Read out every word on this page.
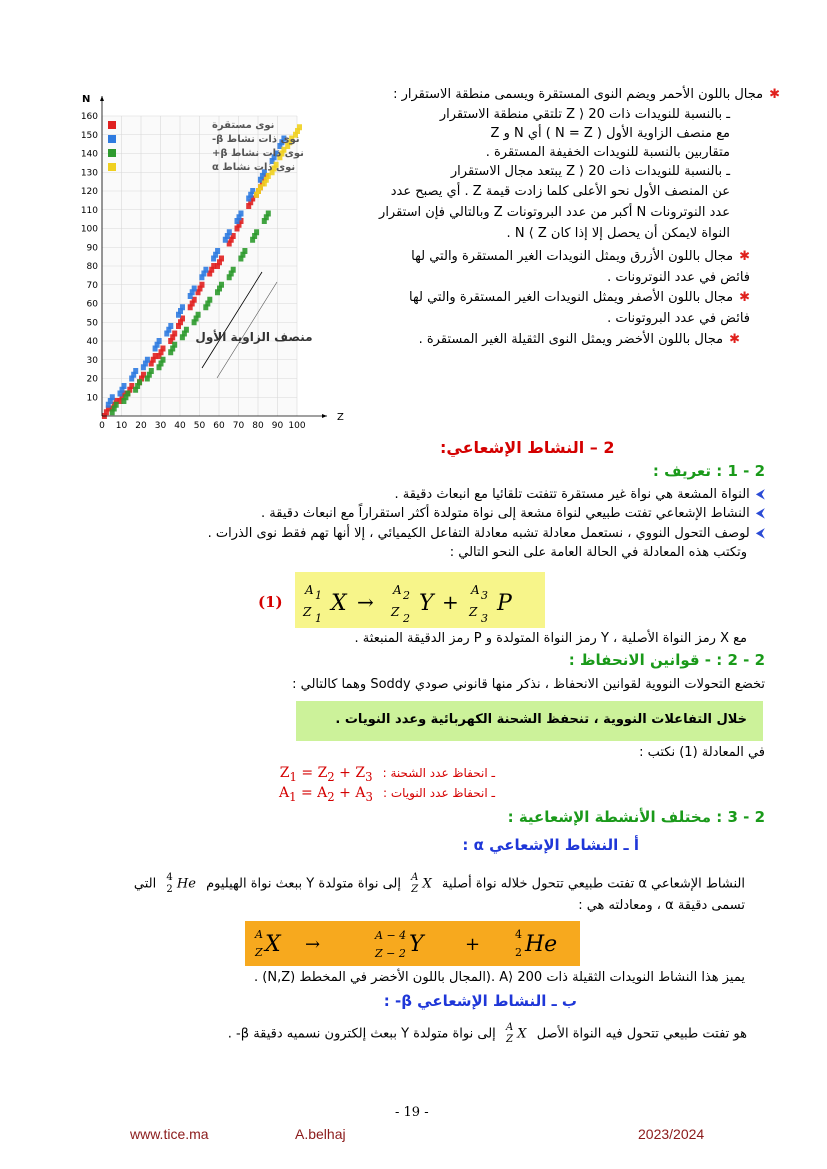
Z
N
0 10 20 30 40 50 60 70 80 90 100
10
20
30
40
50
60
70
80
90
100
110
120
130
140
150
160
نوى مستقرة
نوى ذات نشاط β-
نوى ذات نشاط β+
نوى ذات نشاط α
منصف الزاوية الأول
✱مجال باللون الأحمر ويضم النوى المستقرة ويسمى منطقة الاستقرار :
ـ بالنسبة للنويدات ذات 20 ⟨ Z تلتقي منطقة الاستقرار
مع منصف الزاوية الأول ( N = Z ) أي N و Z
متقاربين بالنسبة للنويدات الخفيفة المستقرة .
ـ بالنسبة للنويدات ذات 20 ⟨ Z يبتعد مجال الاستقرار
عن المنصف الأول نحو الأعلى كلما زادت قيمة Z . أي يصبح عدد
عدد النوترونات N أكبر من عدد البروتونات Z وبالتالي فإن استقرار
النواة لايمكن أن يحصل إلا إذا كان N ⟨ Z .
✱مجال باللون الأزرق ويمثل النويدات الغير المستقرة والتي لها
فائض في عدد النوترونات .
✱مجال باللون الأصفر ويمثل النويدات الغير المستقرة والتي لها
فائض في عدد البروتونات .
✱مجال باللون الأخضر ويمثل النوى الثقيلة الغير المستقرة .
2 – النشاط الإشعاعي:
2 - 1 : تعريف :
⮜النواة المشعة هي نواة غير مستقرة تتفتت تلقائيا مع انبعاث دقيقة .
⮜النشاط الإشعاعي تفتت طبيعي لنواة مشعة إلى نواة متولدة أكثر استقراراً مع انبعاث دقيقة .
⮜لوصف التحول النووي ، نستعمل معادلة تشبه معادلة التفاعل الكيميائي ، إلا أنها تهم فقط نوى الذرات .
وتكتب هذه المعادلة في الحالة العامة على النحو التالي :
(1)
A 1
Z 1
X → A 2
Z 2
Y + A 3
Z 3
P
مع X رمز النواة الأصلية ، Y رمز النواة المتولدة و P رمز الدقيقة المنبعثة .
2 - 2 : - قوانين الانحفاظ :
تخضع التحولات النووية لقوانين الانحفاظ ، نذكر منها قانوني صودي Soddy وهما كالتالي :
خلال التفاعلات النووية ، تنحفظ الشحنة الكهربائية وعدد النويات .
في المعادلة (1) نكتب :
ـ انحفاظ عدد الشحنة : $Z_1 = Z_2 + Z_3$
ـ انحفاظ عدد النويات : $A_1 = A_2 + A_3$
2 - 3 : مختلف الأنشطة الإشعاعية :
أ ـ النشاط الإشعاعي α :
النشاط الإشعاعي α تفتت طبيعي تتحول خلاله نواة أصلية A
Z X إلى نواة متولدة Y ببعث نواة الهيليوم 4
2 He التي
تسمى دقيقة α ، ومعادلته هي :
A
Z X →	A − 4
Z − 2 Y +	4
2 He
يميز هذا النشاط النويدات الثقيلة ذات A⟩ 200 .(المجال باللون الأخضر في المخطط (N,Z) .
ب ـ النشاط الإشعاعي β- :
هو تفتت طبيعي تتحول فيه النواة الأصل A
Z X إلى نواة متولدة Y ببعث إلكترون نسميه دقيقة β- .
- 19 -
www.tice.ma	A.belhaj	2023/2024
